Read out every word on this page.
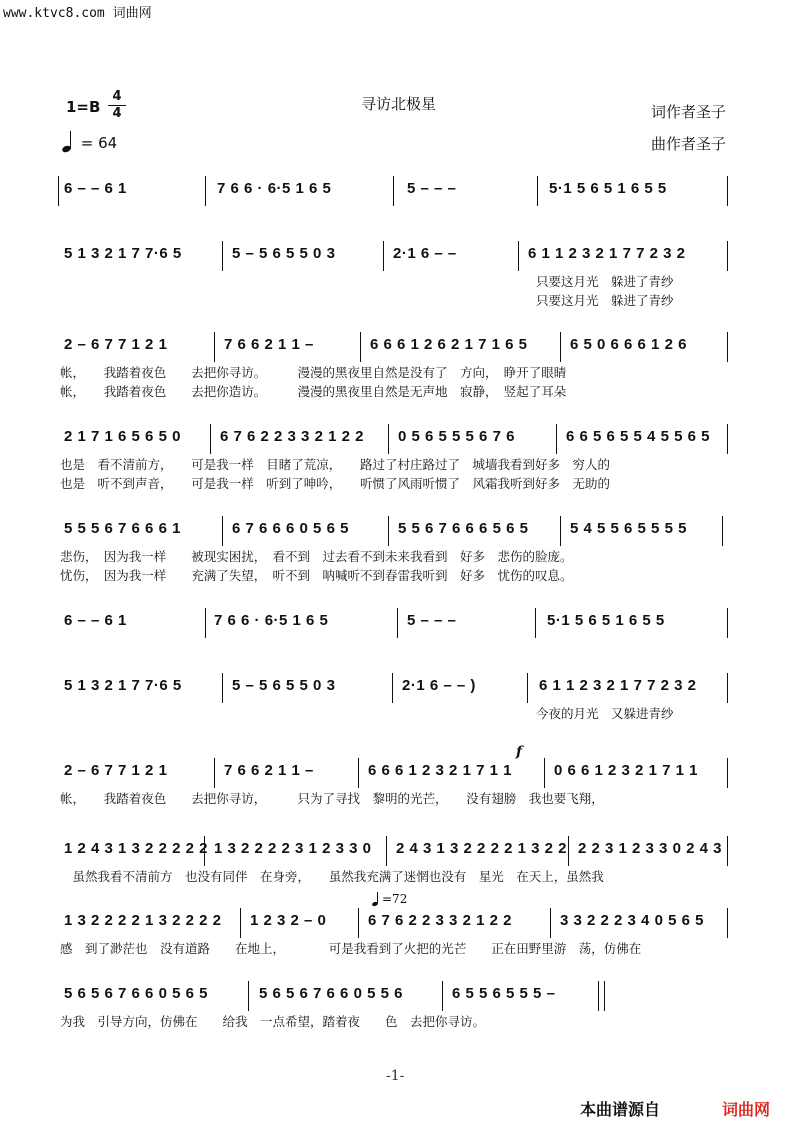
www.ktvc8.com 词曲网
1=B
4
4
= 64
寻访北极星	词作者圣子
曲作者圣子
6 – – 6 1	7 6 6 · 6·5 1 6 5	5 – – –	5·1 5 6 5 1 6 5 5
5 1 3 2 1 7 7·6 5	5 – 5 6 5 5 0 3	2·1 6 – –	6 1 1 2 3 2 1 7 7 2 3 2
只要这月光　躲进了青纱
只要这月光　躲进了青纱
2 – 6 7 7 1 2 1	7 6 6 2 1 1 –	6 6 6 1 2 6 2 1 7 1 6 5	6 5 0 6 6 6 1 2 6
帐，　　我踏着夜色　　去把你寻访。　　　漫漫的黑夜里自然是没有了　方向，　睁开了眼睛
帐，　　我踏着夜色　　去把你造访。　　　漫漫的黑夜里自然是无声地　寂静，　竖起了耳朵
2 1 7 1 6 5 6 5 0	6 7 6 2 2 3 3 2 1 2 2 0 5 6 5 5 5 6 7 6	6 6 5 6 5 5 4 5 5 6 5
也是　看不清前方，　　可是我一样　目睹了荒凉，　　路过了村庄路过了　城墙我看到好多　穷人的
也是　听不到声音，　　可是我一样　听到了呻吟，　　听惯了风雨听惯了　风霜我听到好多　无助的
5 5 5 6 7 6 6 6 1	6 7 6 6 6 0 5 6 5	5 5 6 7 6 6 6 5 6 5	5 4 5 5 6 5 5 5 5
悲伤，　因为我一样　　被现实困扰，　看不到　过去看不到未来我看到　好多　悲伤的脸庞。
忧伤，　因为我一样　　充满了失望，　听不到　呐喊听不到春雷我听到　好多　忧伤的叹息。
6 – – 6 1	7 6 6 · 6·5 1 6 5	5 – – –	5·1 5 6 5 1 6 5 5
5 1 3 2 1 7 7·6 5	5 – 5 6 5 5 0 3	2·1 6 – – )	6 1 1 2 3 2 1 7 7 2 3 2
今夜的月光　又躲进青纱
2 – 6 7 7 1 2 1	7 6 6 2 1 1 –	6 6 6 1 2 3 2 1 7 1 1	0 6 6 1 2 3 2 1 7 1 1
帐，　　我踏着夜色　　去把你寻访，　　　只为了寻找　黎明的光芒，　　没有翅膀　我也要飞翔，
f
1 2 4 3 1 3 2 2 2 2 2 1 3 2 2 2 2 3 1 2 3 3 0 2 4 3 1 3 2 2 2 2 1 3 2 2 2 2 3 1 2 3 3 0 2 4 3
　虽然我看不清前方　也没有同伴　在身旁，　　虽然我充满了迷惘也没有　星光　在天上，虽然我
1 3 2 2 2 2 1 3 2 2 2 2 1 2 3 2 – 0	6 7 6 2 2 3 3 2 1 2 2	3 3 2 2 2 3 4 0 5 6 5
感　到了渺茫也　没有道路　　在地上，　　　　可是我看到了火把的光芒　　正在田野里游　荡，仿佛在
=72
5 6 5 6 7 6 6 0 5 6 5	5 6 5 6 7 6 6 0 5 5 6	6 5 5 6 5 5 5 –
为我　引导方向，仿佛在　　给我　一点希望，踏着夜　　色　去把你寻访。
-1-
本曲谱源自	词曲网
